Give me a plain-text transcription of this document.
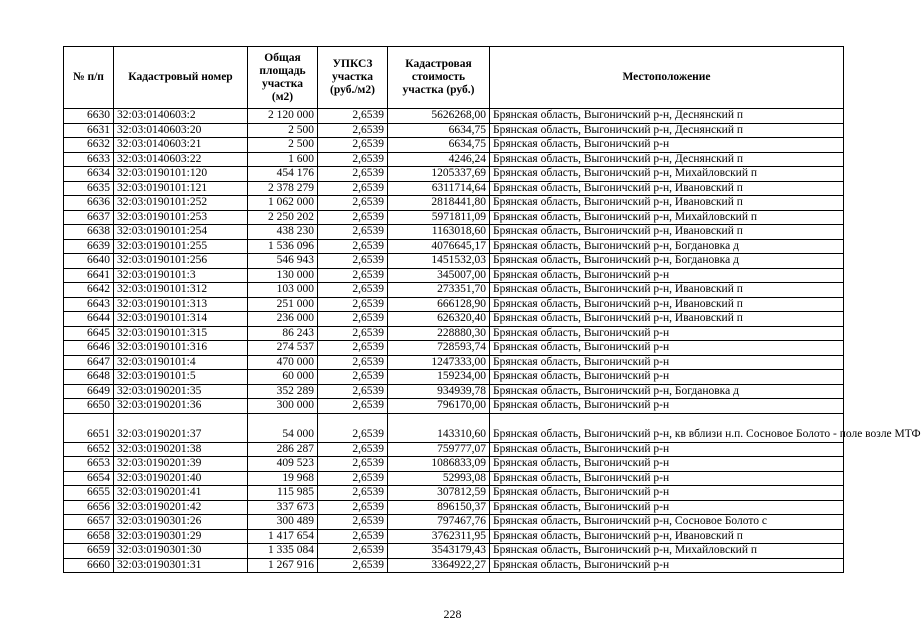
№ п/п	Кадастровый номер	Общая площадь участка (м2)	УПКСЗ участка (руб./м2)	Кадастровая стоимость участка (руб.)	Местоположение
6630	32:03:0140603:2	2 120 000	2,6539	5626268,00	Брянская область, Выгоничский р-н, Деснянский п
6631	32:03:0140603:20	2 500	2,6539	6634,75	Брянская область, Выгоничский р-н, Деснянский п
6632	32:03:0140603:21	2 500	2,6539	6634,75	Брянская область, Выгоничский р-н
6633	32:03:0140603:22	1 600	2,6539	4246,24	Брянская область, Выгоничский р-н, Деснянский п
6634	32:03:0190101:120	454 176	2,6539	1205337,69	Брянская область, Выгоничский р-н, Михайловский п
6635	32:03:0190101:121	2 378 279	2,6539	6311714,64	Брянская область, Выгоничский р-н, Ивановский п
6636	32:03:0190101:252	1 062 000	2,6539	2818441,80	Брянская область, Выгоничский р-н, Ивановский п
6637	32:03:0190101:253	2 250 202	2,6539	5971811,09	Брянская область, Выгоничский р-н, Михайловский п
6638	32:03:0190101:254	438 230	2,6539	1163018,60	Брянская область, Выгоничский р-н, Ивановский п
6639	32:03:0190101:255	1 536 096	2,6539	4076645,17	Брянская область, Выгоничский р-н, Богдановка д
6640	32:03:0190101:256	546 943	2,6539	1451532,03	Брянская область, Выгоничский р-н, Богдановка д
6641	32:03:0190101:3	130 000	2,6539	345007,00	Брянская область, Выгоничский р-н
6642	32:03:0190101:312	103 000	2,6539	273351,70	Брянская область, Выгоничский р-н, Ивановский п
6643	32:03:0190101:313	251 000	2,6539	666128,90	Брянская область, Выгоничский р-н, Ивановский п
6644	32:03:0190101:314	236 000	2,6539	626320,40	Брянская область, Выгоничский р-н, Ивановский п
6645	32:03:0190101:315	86 243	2,6539	228880,30	Брянская область, Выгоничский р-н
6646	32:03:0190101:316	274 537	2,6539	728593,74	Брянская область, Выгоничский р-н
6647	32:03:0190101:4	470 000	2,6539	1247333,00	Брянская область, Выгоничский р-н
6648	32:03:0190101:5	60 000	2,6539	159234,00	Брянская область, Выгоничский р-н
6649	32:03:0190201:35	352 289	2,6539	934939,78	Брянская область, Выгоничский р-н, Богдановка д
6650	32:03:0190201:36	300 000	2,6539	796170,00	Брянская область, Выгоничский р-н
6651	32:03:0190201:37	54 000	2,6539	143310,60	Брянская область, Выгоничский р-н, кв вблизи н.п. Сосновое Болото - поле возле МТФ
6652	32:03:0190201:38	286 287	2,6539	759777,07	Брянская область, Выгоничский р-н
6653	32:03:0190201:39	409 523	2,6539	1086833,09	Брянская область, Выгоничский р-н
6654	32:03:0190201:40	19 968	2,6539	52993,08	Брянская область, Выгоничский р-н
6655	32:03:0190201:41	115 985	2,6539	307812,59	Брянская область, Выгоничский р-н
6656	32:03:0190201:42	337 673	2,6539	896150,37	Брянская область, Выгоничский р-н
6657	32:03:0190301:26	300 489	2,6539	797467,76	Брянская область, Выгоничский р-н, Сосновое Болото с
6658	32:03:0190301:29	1 417 654	2,6539	3762311,95	Брянская область, Выгоничский р-н, Ивановский п
6659	32:03:0190301:30	1 335 084	2,6539	3543179,43	Брянская область, Выгоничский р-н, Михайловский п
6660	32:03:0190301:31	1 267 916	2,6539	3364922,27	Брянская область, Выгоничский р-н
228
